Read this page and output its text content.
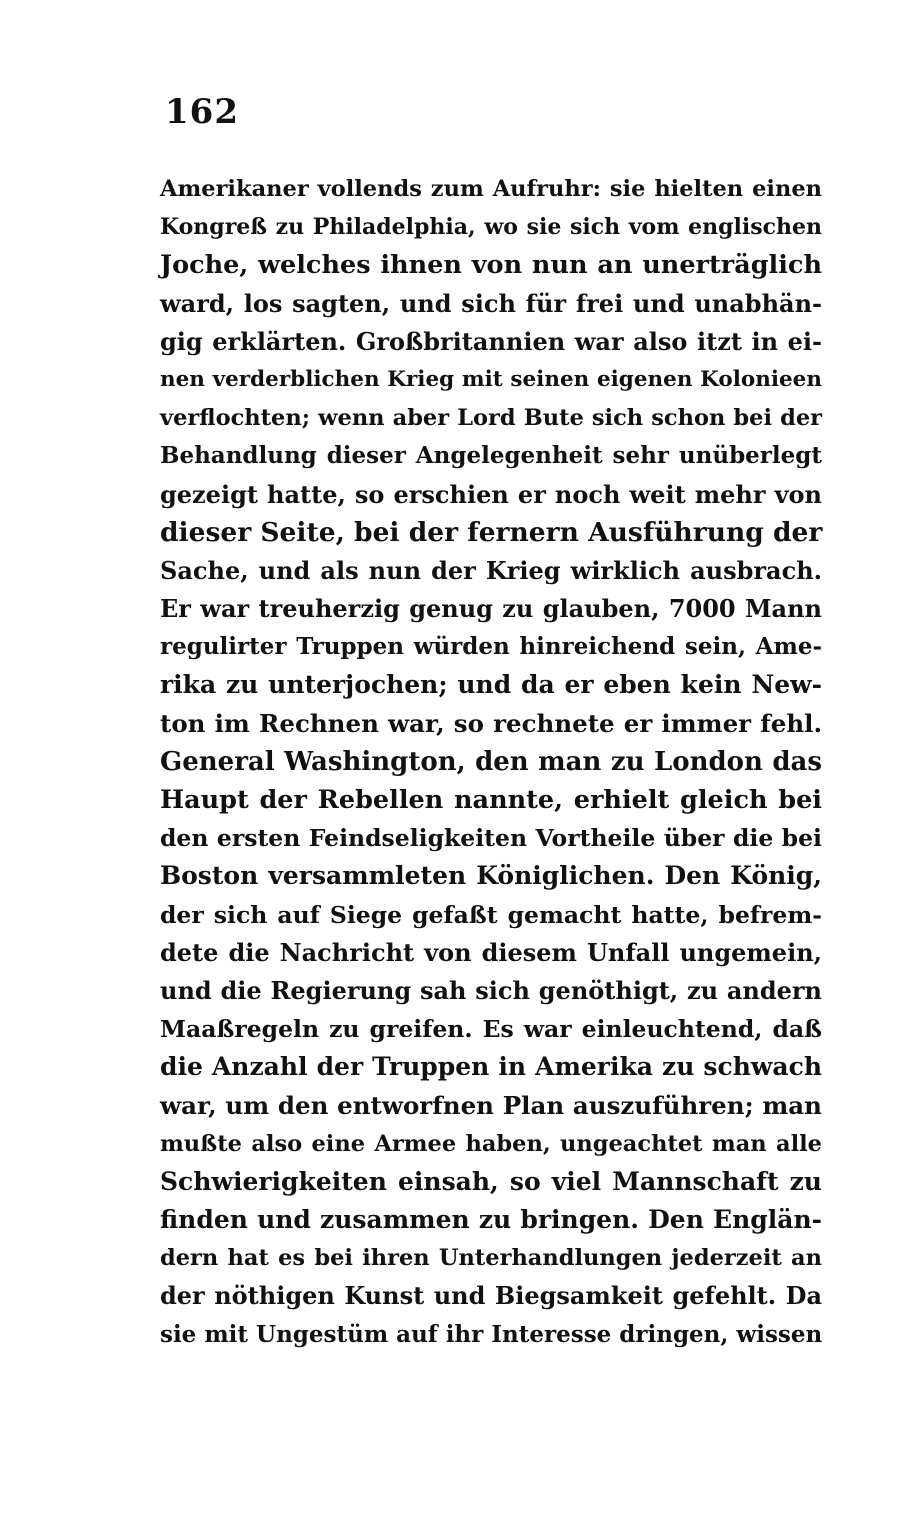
162
Amerikaner vollends zum Aufruhr: sie hielten einen
Kongreß zu Philadelphia, wo sie sich vom englischen
Joche, welches ihnen von nun an unerträglich
ward, los sagten, und sich für frei und unabhän-
gig erklärten. Großbritannien war also itzt in ei-
nen verderblichen Krieg mit seinen eigenen Kolonieen
verflochten; wenn aber Lord Bute sich schon bei der
Behandlung dieser Angelegenheit sehr unüberlegt
gezeigt hatte, so erschien er noch weit mehr von
dieser Seite, bei der fernern Ausführung der
Sache, und als nun der Krieg wirklich ausbrach.
Er war treuherzig genug zu glauben, 7000 Mann
regulirter Truppen würden hinreichend sein, Ame-
rika zu unterjochen; und da er eben kein New-
ton im Rechnen war, so rechnete er immer fehl.
General Washington, den man zu London das
Haupt der Rebellen nannte, erhielt gleich bei
den ersten Feindseligkeiten Vortheile über die bei
Boston versammleten Königlichen. Den König,
der sich auf Siege gefaßt gemacht hatte, befrem-
dete die Nachricht von diesem Unfall ungemein,
und die Regierung sah sich genöthigt, zu andern
Maaßregeln zu greifen. Es war einleuchtend, daß
die Anzahl der Truppen in Amerika zu schwach
war, um den entworfnen Plan auszuführen; man
mußte also eine Armee haben, ungeachtet man alle
Schwierigkeiten einsah, so viel Mannschaft zu
finden und zusammen zu bringen. Den Englän-
dern hat es bei ihren Unterhandlungen jederzeit an
der nöthigen Kunst und Biegsamkeit gefehlt. Da
sie mit Ungestüm auf ihr Interesse dringen, wissen
